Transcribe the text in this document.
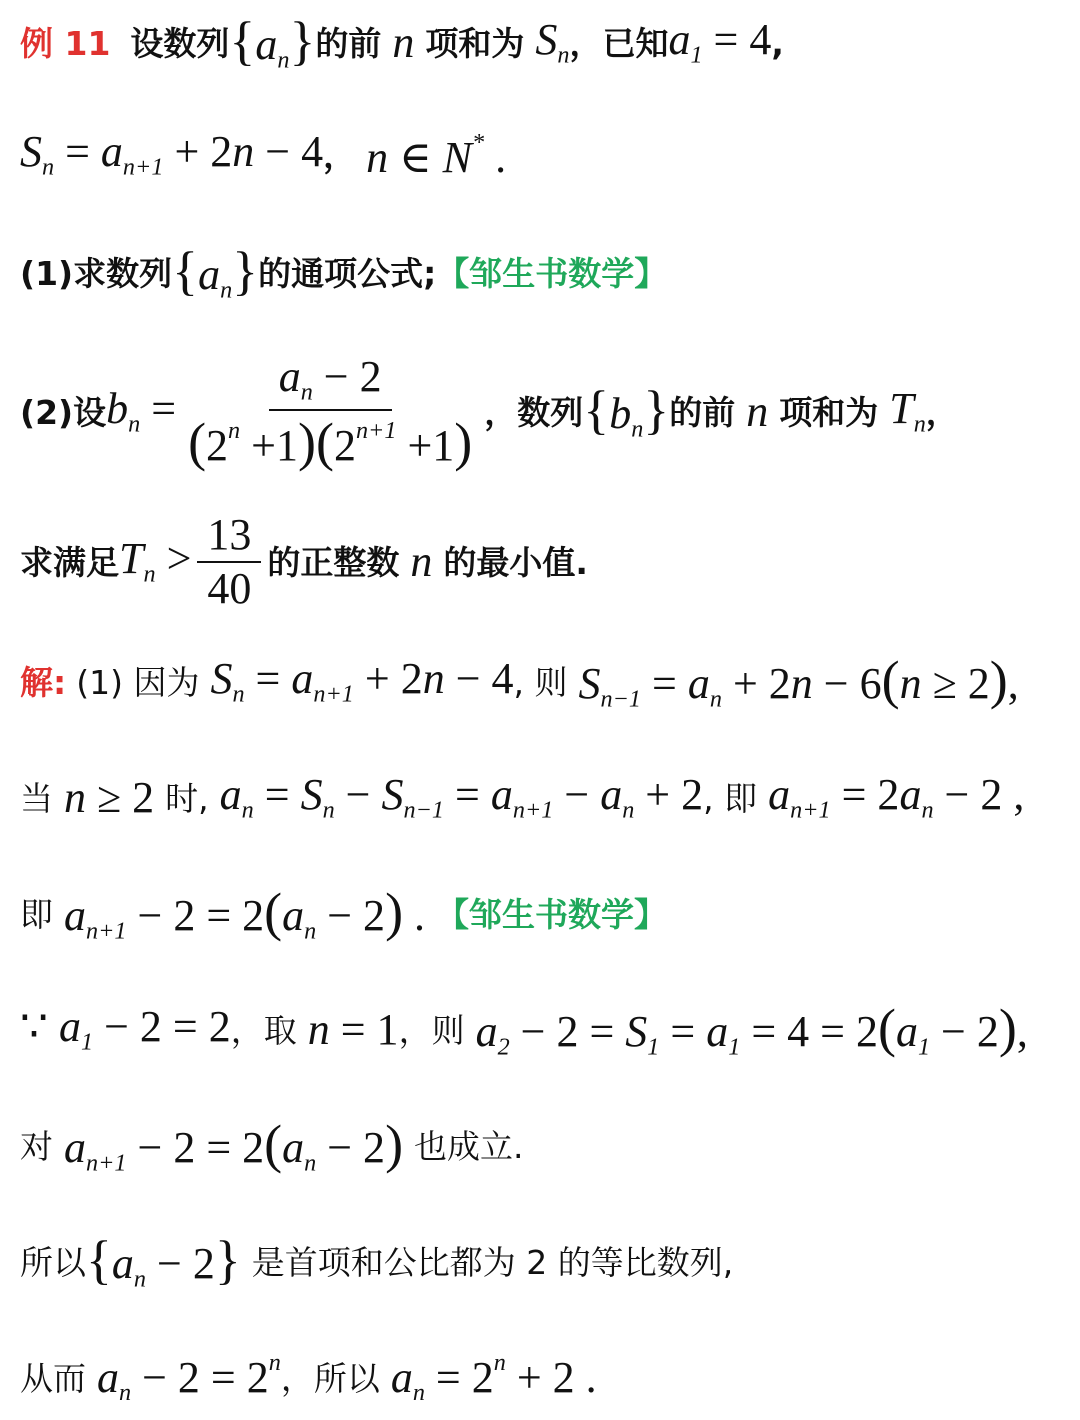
例 11 设数列 $\{a_n\}$ 的前 n 项和为 $S_n$ ，已知 $a_1 = 4$ ,
$S_n = a_{n+1} + 2n - 4$ ， n ∈ N* .
(1) 求数列 $\{a_n\}$ 的通项公式; 【邹生书数学】
(2) 设 $b_n = \frac{a_n - 2}{(2^n +1)(2^{n+1} +1)}$ ，数列 $\{b_n\}$ 的前 n 项和为 $T_n$ ，
求满足 $T_n > \frac{13}{40}$ 的正整数 n 的最小值.
解: (1) 因为 $S_n = a_{n+1} + 2n - 4$ , 则 $S_{n-1} = a_n + 2n - 6(n \ge 2)$,
当 n ≥ 2 时, $a_n = S_n - S_{n-1} = a_{n+1} - a_n + 2$ , 即 $a_{n+1} = 2a_n - 2$ ,
即 $a_{n+1} - 2 = 2(a_n - 2)$ . 【邹生书数学】
∵ $a_1 - 2 = 2$ ，取 n = 1 ，则 $a_2 - 2 = S_1 = a_1 = 4 = 2(a_1 - 2)$,
对 $a_{n+1} - 2 = 2(a_n - 2)$ 也成立.
所以 $\{a_n - 2\}$ 是首项和公比都为 2 的等比数列,
从而 $a_n - 2 = 2^n$ ，所以 $a_n = 2^n + 2$ .
